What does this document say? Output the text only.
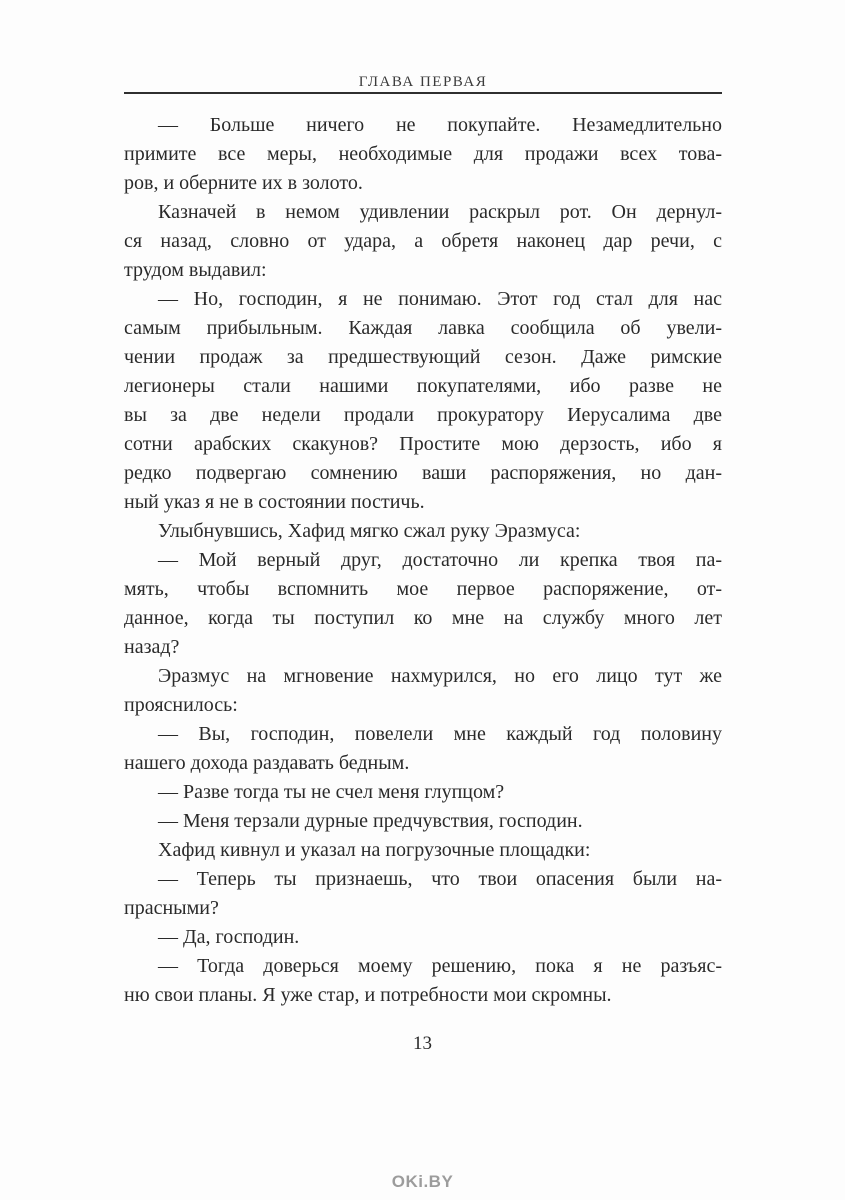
ГЛАВА ПЕРВАЯ
— Больше ничего не покупайте. Незамедлительно
примите все меры, необходимые для продажи всех това-
ров, и оберните их в золото.
Казначей в немом удивлении раскрыл рот. Он дернул-
ся назад, словно от удара, а обретя наконец дар речи, с
трудом выдавил:
— Но, господин, я не понимаю. Этот год стал для нас
самым прибыльным. Каждая лавка сообщила об увели-
чении продаж за предшествующий сезон. Даже римские
легионеры стали нашими покупателями, ибо разве не
вы за две недели продали прокуратору Иерусалима две
сотни арабских скакунов? Простите мою дерзость, ибо я
редко подвергаю сомнению ваши распоряжения, но дан-
ный указ я не в состоянии постичь.
Улыбнувшись, Хафид мягко сжал руку Эразмуса:
— Мой верный друг, достаточно ли крепка твоя па-
мять, чтобы вспомнить мое первое распоряжение, от-
данное, когда ты поступил ко мне на службу много лет
назад?
Эразмус на мгновение нахмурился, но его лицо тут же
прояснилось:
— Вы, господин, повелели мне каждый год половину
нашего дохода раздавать бедным.
— Разве тогда ты не счел меня глупцом?
— Меня терзали дурные предчувствия, господин.
Хафид кивнул и указал на погрузочные площадки:
— Теперь ты признаешь, что твои опасения были на-
прасными?
— Да, господин.
— Тогда доверься моему решению, пока я не разъяс-
ню свои планы. Я уже стар, и потребности мои скромны.
13
OKi.BY
